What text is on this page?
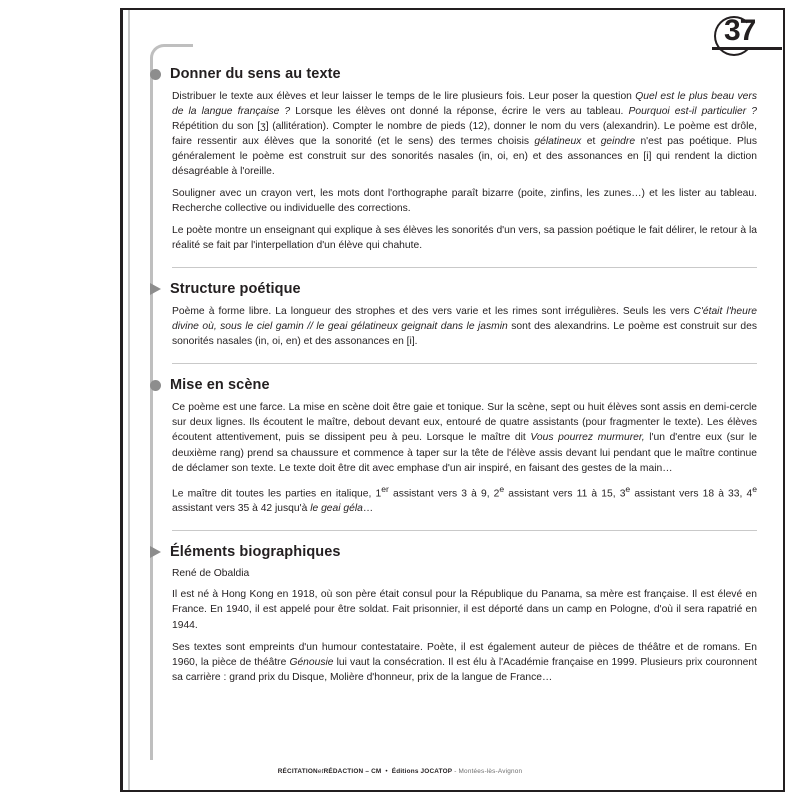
37
Donner du sens au texte

Distribuer le texte aux élèves et leur laisser le temps de le lire plusieurs fois. Leur poser la question Quel est le plus beau vers de la langue française ? Lorsque les élèves ont donné la réponse, écrire le vers au tableau. Pourquoi est-il particulier ? Répétition du son [ʒ] (allitération). Compter le nombre de pieds (12), donner le nom du vers (alexandrin). Le poème est drôle, faire ressentir aux élèves que la sonorité (et le sens) des termes choisis gélatineux et geindre n'est pas poétique. Plus généralement le poème est construit sur des sonorités nasales (in, oi, en) et des assonances en [i] qui rendent la diction désagréable à l'oreille.

Souligner avec un crayon vert, les mots dont l'orthographe paraît bizarre (poite, zinfins, les zunes…) et les lister au tableau. Recherche collective ou individuelle des corrections.

Le poète montre un enseignant qui explique à ses élèves les sonorités d'un vers, sa passion poétique le fait délirer, le retour à la réalité se fait par l'interpellation d'un élève qui chahute.

Structure poétique

Poème à forme libre. La longueur des strophes et des vers varie et les rimes sont irrégulières. Seuls les vers C'était l'heure divine où, sous le ciel gamin // le geai gélatineux geignait dans le jasmin sont des alexandrins. Le poème est construit sur des sonorités nasales (in, oi, en) et des assonances en [i].

Mise en scène

Ce poème est une farce. La mise en scène doit être gaie et tonique. Sur la scène, sept ou huit élèves sont assis en demi-cercle sur deux lignes. Ils écoutent le maître, debout devant eux, entouré de quatre assistants (pour fragmenter le texte). Les élèves écoutent attentivement, puis se dissipent peu à peu. Lorsque le maître dit Vous pourrez murmurer, l'un d'entre eux (sur le deuxième rang) prend sa chaussure et commence à taper sur la tête de l'élève assis devant lui pendant que le maître continue de déclamer son texte. Le texte doit être dit avec emphase d'un air inspiré, en faisant des gestes de la main…

Le maître dit toutes les parties en italique, 1er assistant vers 3 à 9, 2e assistant vers 11 à 15, 3e assistant vers 18 à 33, 4e assistant vers 35 à 42 jusqu'à le geai géla…

Éléments biographiques

René de Obaldia

Il est né à Hong Kong en 1918, où son père était consul pour la République du Panama, sa mère est française. Il est élevé en France. En 1940, il est appelé pour être soldat. Fait prisonnier, il est déporté dans un camp en Pologne, d'où il sera rapatrié en 1944.

Ses textes sont empreints d'un humour contestataire. Poète, il est également auteur de pièces de théâtre et de romans. En 1960, la pièce de théâtre Génousie lui vaut la consécration. Il est élu à l'Académie française en 1999. Plusieurs prix couronnent sa carrière : grand prix du Disque, Molière d'honneur, prix de la langue de France…

RÉCITATIONetRÉDACTION – CM • Éditions JOCATOP - Montées-lès-Avignon
